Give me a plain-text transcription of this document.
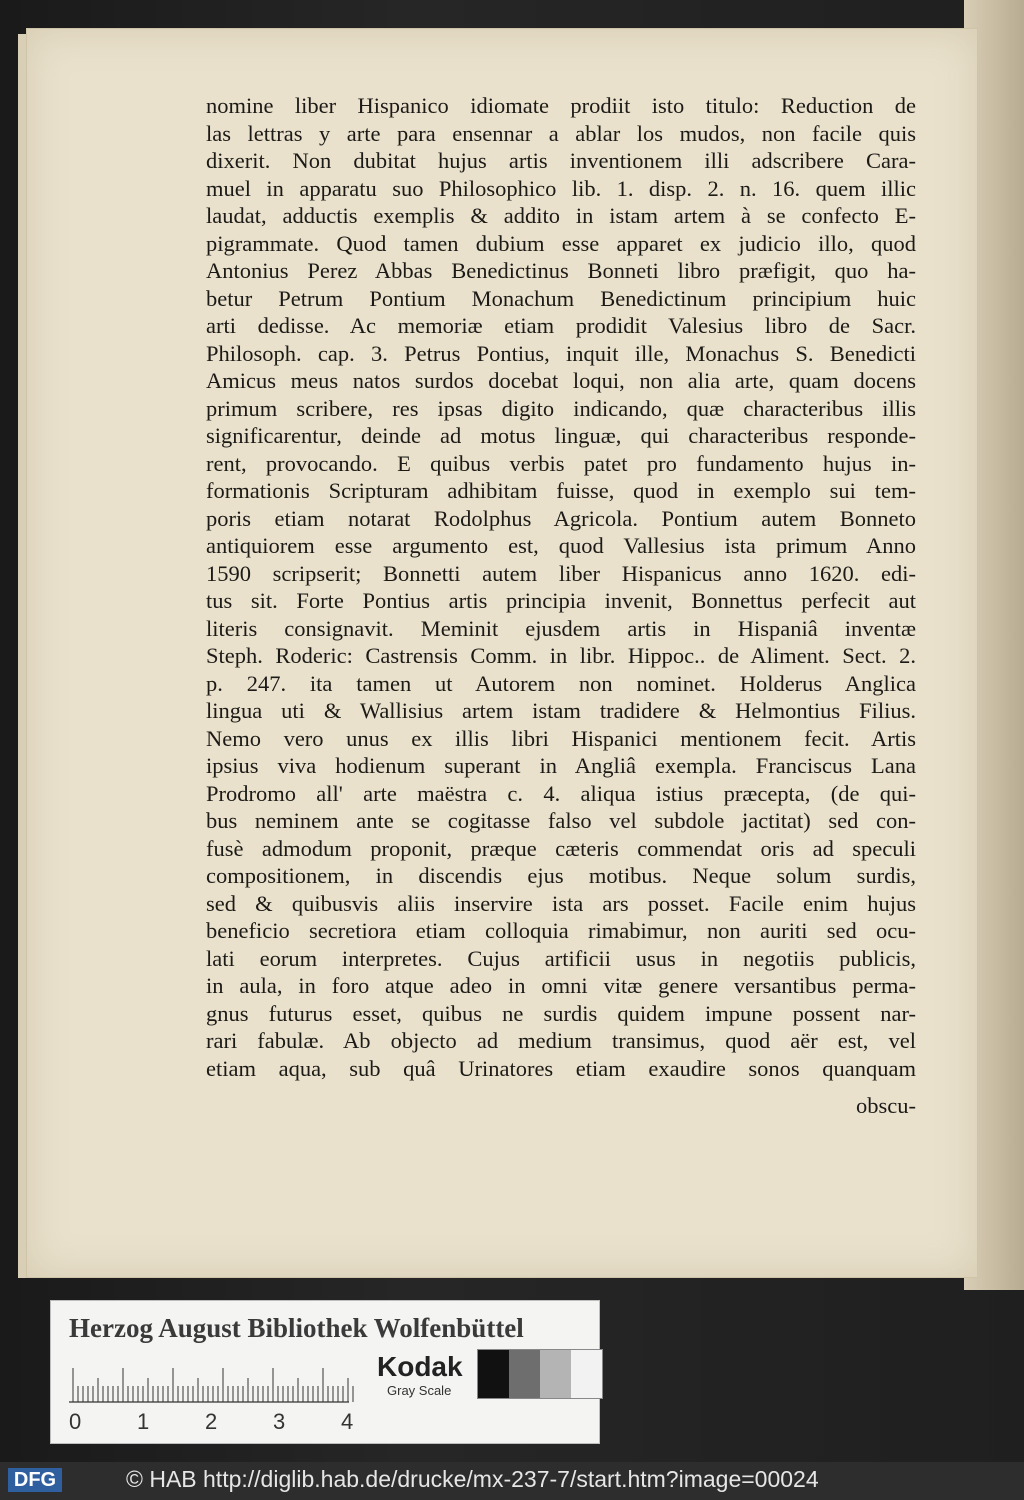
nomine liber Hispanico idiomate prodiit isto titulo: Reduction de
las lettras y arte para ensennar a ablar los mudos, non facile quis
dixerit. Non dubitat hujus artis inventionem illi adscribere Cara-
muel in apparatu suo Philosophico lib. 1. disp. 2. n. 16. quem illic
laudat, adductis exemplis & addito in istam artem à se confecto E-
pigrammate. Quod tamen dubium esse apparet ex judicio illo, quod
Antonius Perez Abbas Benedictinus Bonneti libro præfigit, quo ha-
betur Petrum Pontium Monachum Benedictinum principium huic
arti dedisse. Ac memoriæ etiam prodidit Valesius libro de Sacr.
Philosoph. cap. 3. Petrus Pontius, inquit ille, Monachus S. Benedicti
Amicus meus natos surdos docebat loqui, non alia arte, quam docens
primum scribere, res ipsas digito indicando, quæ characteribus illis
significarentur, deinde ad motus linguæ, qui characteribus responde-
rent, provocando. E quibus verbis patet pro fundamento hujus in-
formationis Scripturam adhibitam fuisse, quod in exemplo sui tem-
poris etiam notarat Rodolphus Agricola. Pontium autem Bonneto
antiquiorem esse argumento est, quod Vallesius ista primum Anno
1590 scripserit; Bonnetti autem liber Hispanicus anno 1620. edi-
tus sit. Forte Pontius artis principia invenit, Bonnettus perfecit aut
literis consignavit. Meminit ejusdem artis in Hispaniâ inventæ
Steph. Roderic: Castrensis Comm. in libr. Hippoc.. de Aliment. Sect. 2.
p. 247. ita tamen ut Autorem non nominet. Holderus Anglica
lingua uti & Wallisius artem istam tradidere & Helmontius Filius.
Nemo vero unus ex illis libri Hispanici mentionem fecit. Artis
ipsius viva hodienum superant in Angliâ exempla. Franciscus Lana
Prodromo all' arte maëstra c. 4. aliqua istius præcepta, (de qui-
bus neminem ante se cogitasse falso vel subdole jactitat) sed con-
fusè admodum proponit, præque cæteris commendat oris ad speculi
compositionem, in discendis ejus motibus. Neque solum surdis,
sed & quibusvis aliis inservire ista ars posset. Facile enim hujus
beneficio secretiora etiam colloquia rimabimur, non auriti sed ocu-
lati eorum interpretes. Cujus artificii usus in negotiis publicis,
in aula, in foro atque adeo in omni vitæ genere versantibus perma-
gnus futurus esset, quibus ne surdis quidem impune possent nar-
rari fabulæ. Ab objecto ad medium transimus, quod aër est, vel
etiam aqua, sub quâ Urinatores etiam exaudire sonos quanquam
obscu-
Herzog August Bibliothek Wolfenbüttel
0	1	2	3	4
Kodak
Gray Scale
DFG	© HAB http://diglib.hab.de/drucke/mx-237-7/start.htm?image=00024
